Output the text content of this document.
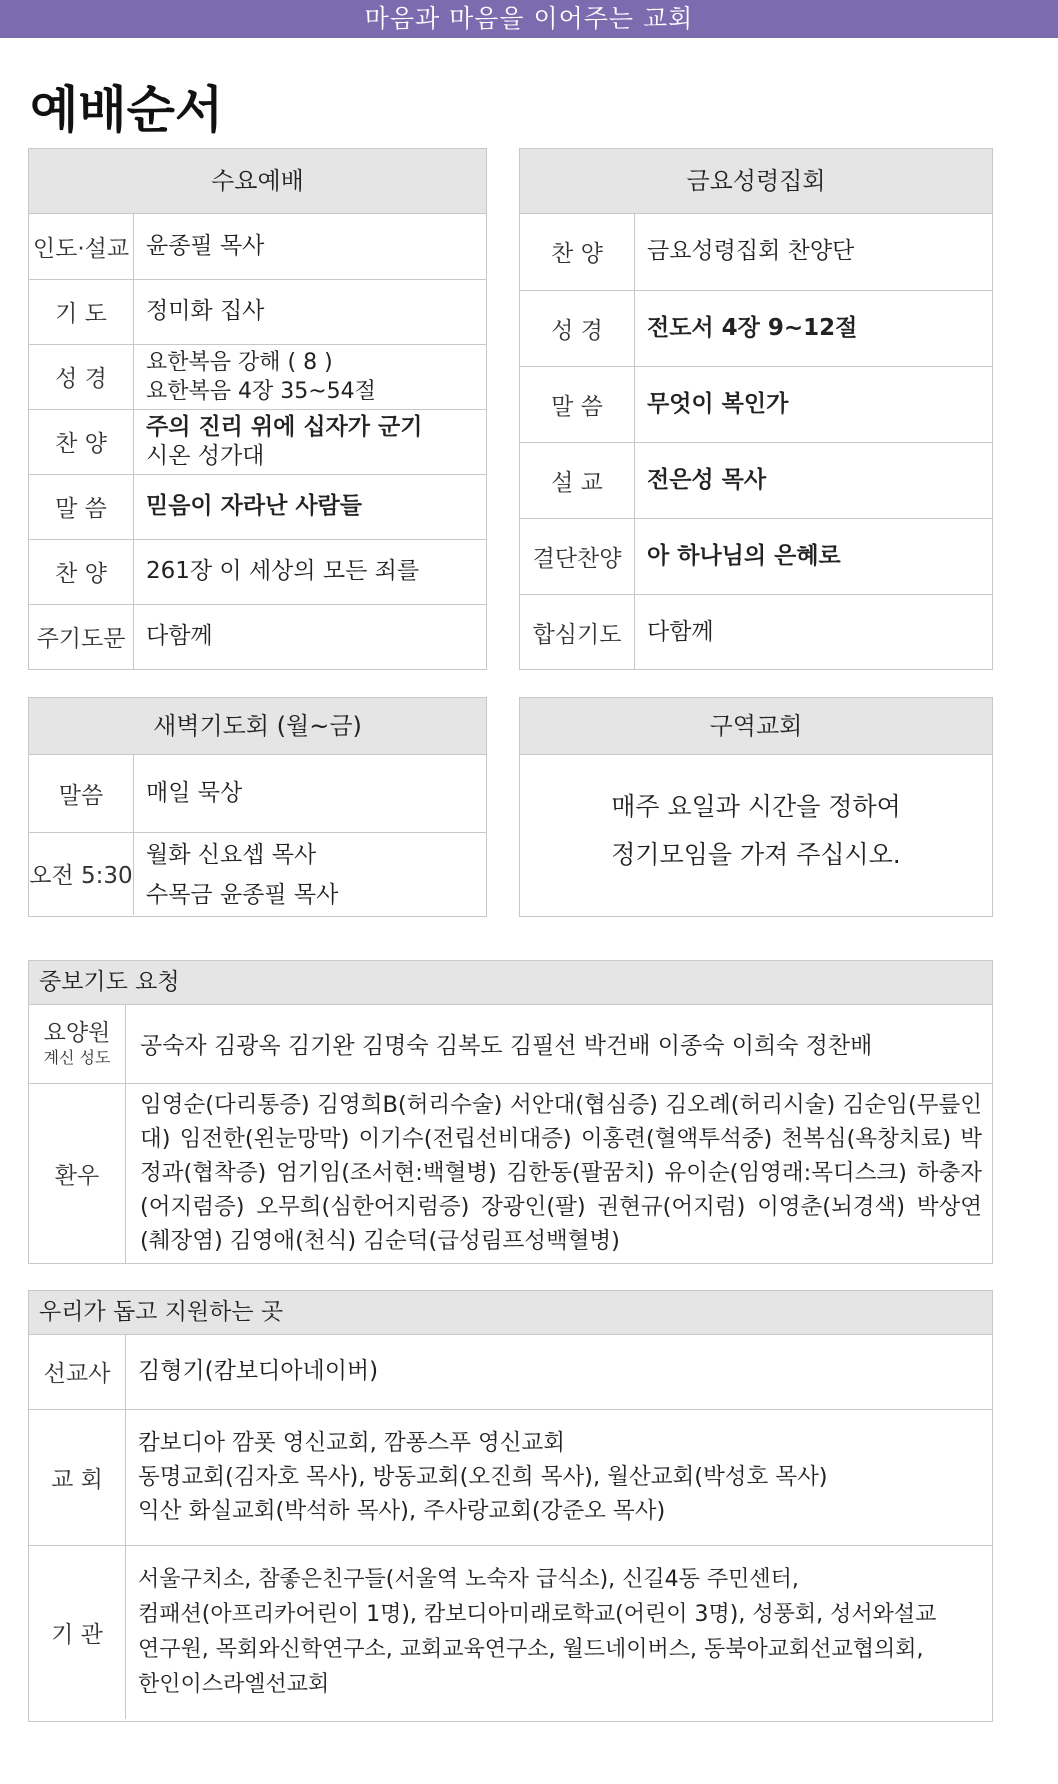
마음과 마음을 이어주는 교회
예배순서
수요예배
인도·설교	윤종필 목사

기 도	정미화 집사

성 경	요한복음 강해 ( 8 )
요한복음 4장 35~54절

찬 양	주의 진리 위에 십자가 군기
시온 성가대

말 씀	믿음이 자라난 사람들

찬 양	261장 이 세상의 모든 죄를

주기도문	다함께
금요성령집회
찬 양	금요성령집회 찬양단

성 경	전도서 4장 9~12절

말 씀	무엇이 복인가

설 교	전은성 목사

결단찬양	아 하나님의 은혜로

합심기도	다함께
새벽기도회 (월~금)
말씀	매일 묵상

오전 5:30	월화 신요셉 목사
수목금 윤종필 목사
구역교회
매주 요일과 시간을 정하여
정기모임을 가져 주십시오.
중보기도 요청
요양원
계신 성도	공숙자 김광옥 김기완 김명숙 김복도 김필선 박건배 이종숙 이희숙 정찬배
환우	임영순(다리통증) 김영희B(허리수술) 서안대(협심증) 김오례(허리시술) 김순임(무릎인대) 임전한(왼눈망막) 이기수(전립선비대증) 이홍련(혈액투석중) 천복심(욕창치료) 박정과(협착증) 엄기임(조서현:백혈병) 김한동(팔꿈치) 유이순(임영래:목디스크) 하충자(어지럼증) 오무희(심한어지럼증) 장광인(팔) 권현규(어지럼) 이영춘(뇌경색) 박상연(췌장염) 김영애(천식) 김순덕(급성림프성백혈병)
우리가 돕고 지원하는 곳
선교사	김형기(캄보디아네이버)

교 회	캄보디아 깜폿 영신교회, 깜퐁스푸 영신교회
동명교회(김자호 목사), 방동교회(오진희 목사), 월산교회(박성호 목사)
익산 화실교회(박석하 목사), 주사랑교회(강준오 목사)

기 관	서울구치소, 참좋은친구들(서울역 노숙자 급식소), 신길4동 주민센터,
컴패션(아프리카어린이 1명), 캄보디아미래로학교(어린이 3명), 성풍회, 성서와설교
연구원, 목회와신학연구소, 교회교육연구소, 월드네이버스, 동북아교회선교협의회,
한인이스라엘선교회
